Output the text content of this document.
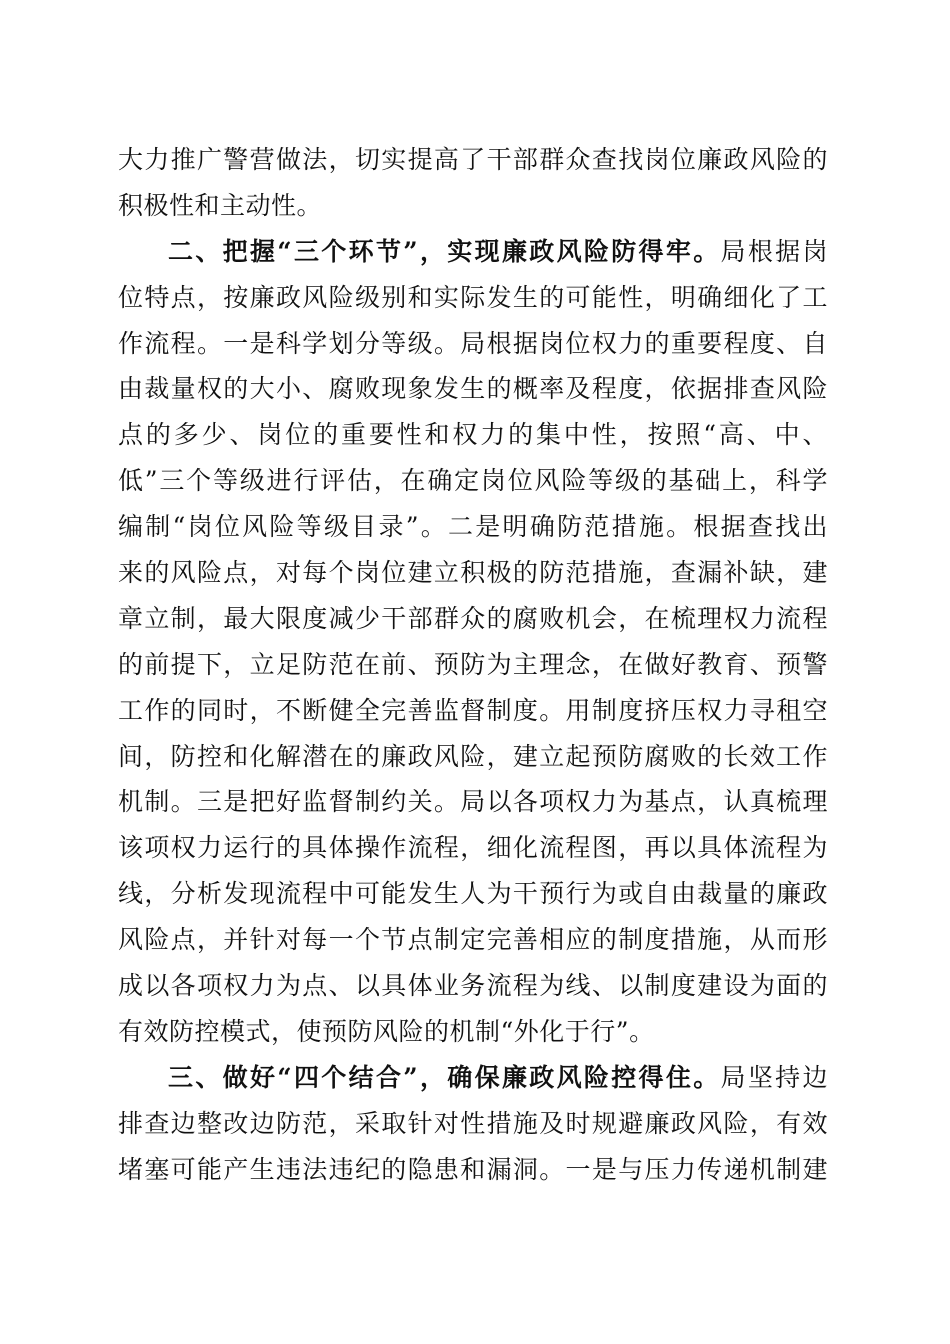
大力推广警营做法，切实提高了干部群众查找岗位廉政风险的
积极性和主动性。
二、把握“三个环节”，实现廉政风险防得牢。局根据岗
位特点，按廉政风险级别和实际发生的可能性，明确细化了工
作流程。一是科学划分等级。局根据岗位权力的重要程度、自
由裁量权的大小、腐败现象发生的概率及程度，依据排查风险
点的多少、岗位的重要性和权力的集中性，按照“高、中、
低”三个等级进行评估，在确定岗位风险等级的基础上，科学
编制“岗位风险等级目录”。二是明确防范措施。根据查找出
来的风险点，对每个岗位建立积极的防范措施，查漏补缺，建
章立制，最大限度减少干部群众的腐败机会，在梳理权力流程
的前提下，立足防范在前、预防为主理念，在做好教育、预警
工作的同时，不断健全完善监督制度。用制度挤压权力寻租空
间，防控和化解潜在的廉政风险，建立起预防腐败的长效工作
机制。三是把好监督制约关。局以各项权力为基点，认真梳理
该项权力运行的具体操作流程，细化流程图，再以具体流程为
线，分析发现流程中可能发生人为干预行为或自由裁量的廉政
风险点，并针对每一个节点制定完善相应的制度措施，从而形
成以各项权力为点、以具体业务流程为线、以制度建设为面的
有效防控模式，使预防风险的机制“外化于行”。
三、做好“四个结合”，确保廉政风险控得住。局坚持边
排查边整改边防范，采取针对性措施及时规避廉政风险，有效
堵塞可能产生违法违纪的隐患和漏洞。一是与压力传递机制建
